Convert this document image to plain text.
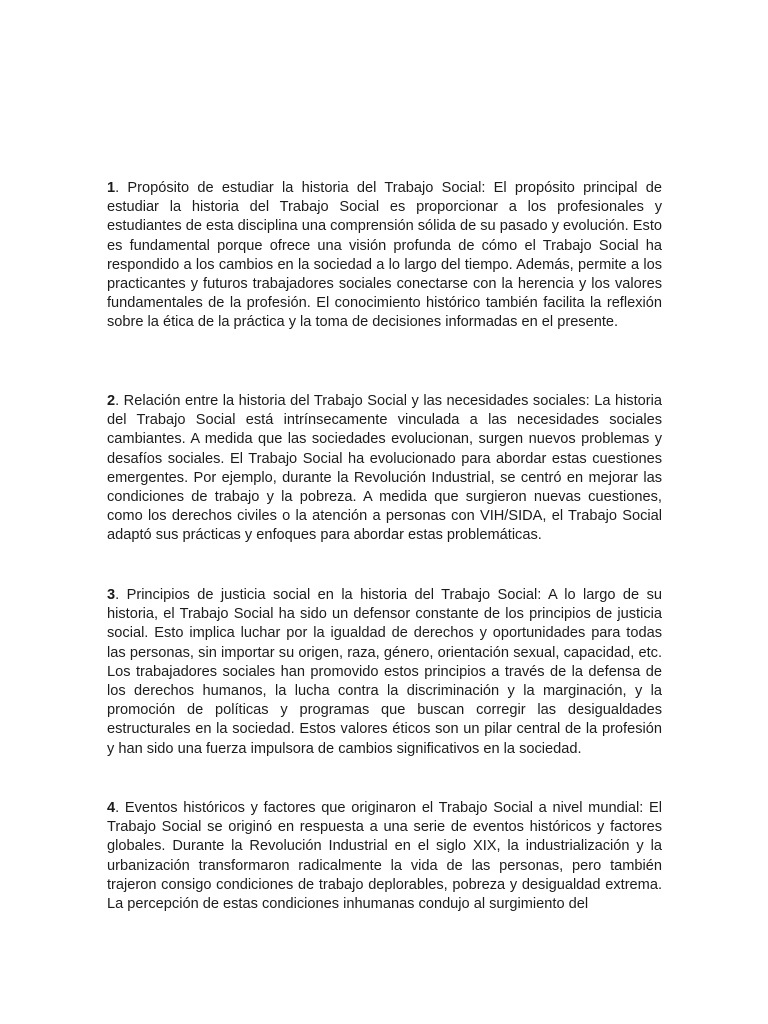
1. Propósito de estudiar la historia del Trabajo Social: El propósito principal de estudiar la historia del Trabajo Social es proporcionar a los profesionales y estudiantes de esta disciplina una comprensión sólida de su pasado y evolución. Esto es fundamental porque ofrece una visión profunda de cómo el Trabajo Social ha respondido a los cambios en la sociedad a lo largo del tiempo. Además, permite a los practicantes y futuros trabajadores sociales conectarse con la herencia y los valores fundamentales de la profesión. El conocimiento histórico también facilita la reflexión sobre la ética de la práctica y la toma de decisiones informadas en el presente.

2. Relación entre la historia del Trabajo Social y las necesidades sociales: La historia del Trabajo Social está intrínsecamente vinculada a las necesidades sociales cambiantes. A medida que las sociedades evolucionan, surgen nuevos problemas y desafíos sociales. El Trabajo Social ha evolucionado para abordar estas cuestiones emergentes. Por ejemplo, durante la Revolución Industrial, se centró en mejorar las condiciones de trabajo y la pobreza. A medida que surgieron nuevas cuestiones, como los derechos civiles o la atención a personas con VIH/SIDA, el Trabajo Social adaptó sus prácticas y enfoques para abordar estas problemáticas.

3. Principios de justicia social en la historia del Trabajo Social: A lo largo de su historia, el Trabajo Social ha sido un defensor constante de los principios de justicia social. Esto implica luchar por la igualdad de derechos y oportunidades para todas las personas, sin importar su origen, raza, género, orientación sexual, capacidad, etc. Los trabajadores sociales han promovido estos principios a través de la defensa de los derechos humanos, la lucha contra la discriminación y la marginación, y la promoción de políticas y programas que buscan corregir las desigualdades estructurales en la sociedad. Estos valores éticos son un pilar central de la profesión y han sido una fuerza impulsora de cambios significativos en la sociedad.

4. Eventos históricos y factores que originaron el Trabajo Social a nivel mundial: El Trabajo Social se originó en respuesta a una serie de eventos históricos y factores globales. Durante la Revolución Industrial en el siglo XIX, la industrialización y la urbanización transformaron radicalmente la vida de las personas, pero también trajeron consigo condiciones de trabajo deplorables, pobreza y desigualdad extrema. La percepción de estas condiciones inhumanas condujo al surgimiento del
